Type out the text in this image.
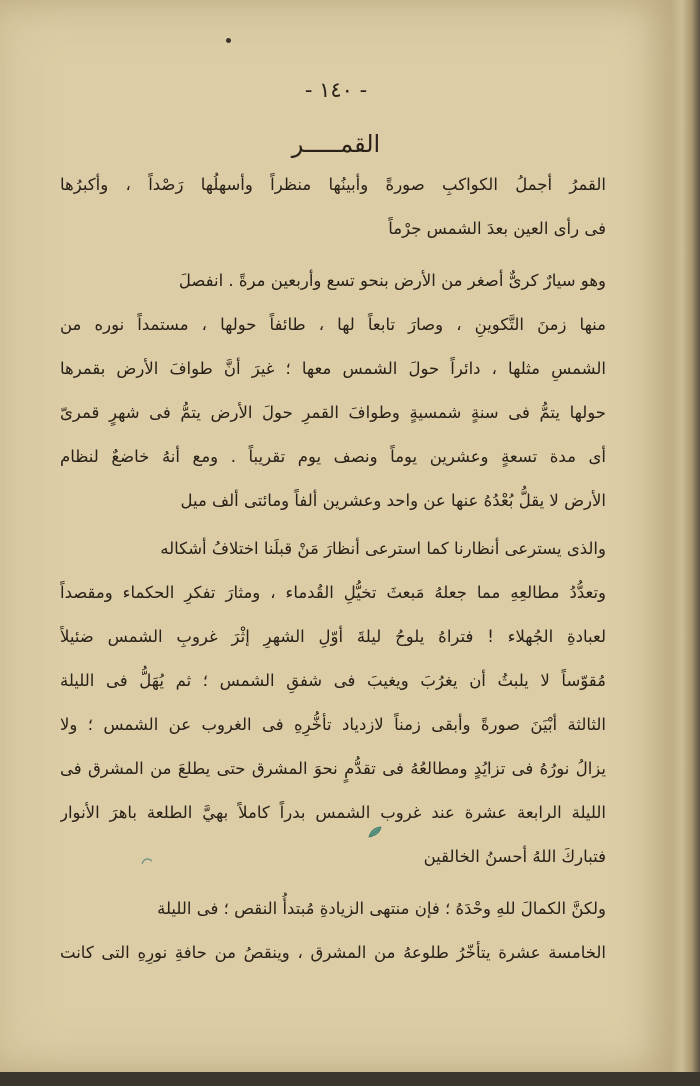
- ١٤٠ -
القمـــــر
القمرُ أجملُ الكواكبِ صورةً وأبينُها منظراً وأسهلُها رَصْداً ، وأكبرُها
فى رأى العين بعدَ الشمس جرْماً
وهو سيارٌ كرىٌّ أصغر من الأرض بنحو تسع وأربعين مرةً . انفصلَ
منها زمنَ التَّكوينِ ، وصارَ تابعاً لها ، طائفاً حولها ، مستمداً نوره من
الشمسِ مثلها ، دائراً حولَ الشمس معها ؛ غيرَ أنَّ طوافَ الأرض بقمرها
حولها يتمُّ فى سنةٍ شمسيةٍ وطوافَ القمرِ حولَ الأرض يتمُّ فى شهرٍ قمرىّ
أى مدة تسعةٍ وعشرين يوماً ونصف يوم تقريباً . ومع أنهُ خاضعٌ لنظام
الأرض لا يقلُّ بُعْدُهُ عنها عن واحد وعشرين ألفاً ومائتى ألف ميل
والذى يسترعى أنظارنا كما استرعى أنظارَ مَنْ قبلَنا اختلافُ أشكاله
وتعدُّدُ مطالعِهِ مما جعلهُ مَبعثَ تخيُّلِ القُدماء ، ومثارَ تفكرِ الحكماء ومقصداً
لعبادةِ الجُهلاء ! فتراهُ يلوحُ ليلةَ أوّلِ الشهرِ إثْرَ غروبِ الشمس ضئيلاً
مُقوّساً لا يلبثُ أن يغرُبَ ويغيبَ فى شفقِ الشمس ؛ ثم يُهَلُّ فى الليلة
الثالثة أبْيَنَ صورةً وأبقى زمناً لازدياد تأخُّرِهِ فى الغروب عن الشمس ؛ ولا
يزالُ نورُهُ فى تزايُدٍ ومطالعُهُ فى تقدُّمٍ نحوَ المشرق حتى يطلعَ من المشرق فى
الليلة الرابعة عشرة عند غروب الشمس بدراً كاملاً بهيَّ الطلعة باهرَ الأنوار
فتباركَ اللهُ أحسنُ الخالقين
ولكنَّ الكمالَ للهِ وحْدَهُ ؛ فإن منتهى الزيادةِ مُبتدأُ النقص ؛ فى الليلة
الخامسة عشرة يتأخّرُ طلوعهُ من المشرق ، وينقصُ من حافةِ نورِهِ التى كانت
